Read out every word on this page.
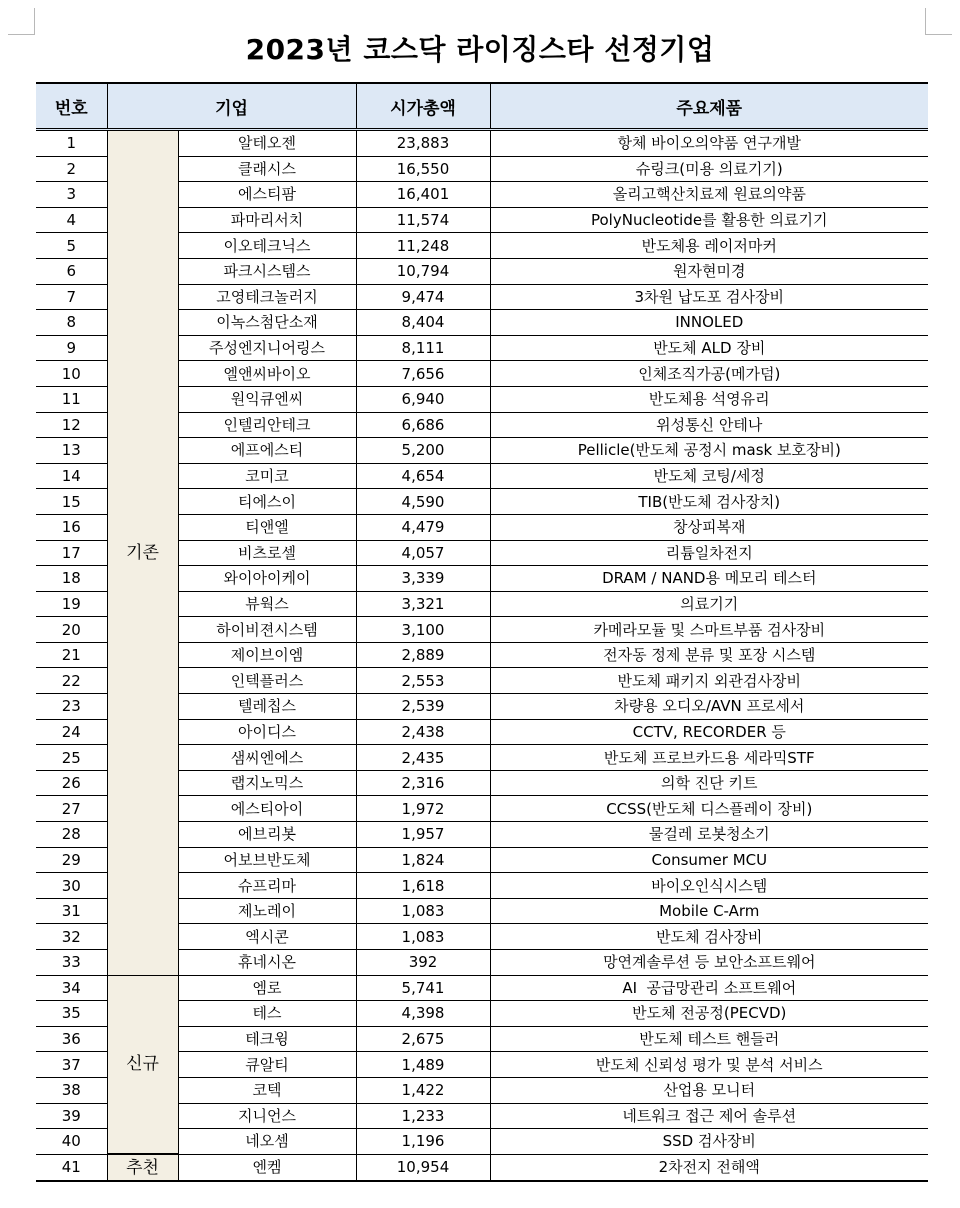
2023년 코스닥 라이징스타 선정기업
번호	기업		시가총액	주요제품
1	기존	알테오젠	23,883	항체 바이오의약품 연구개발
2		클래시스	16,550	슈링크(미용 의료기기)
3		에스티팜	16,401	올리고핵산치료제 원료의약품
4		파마리서치	11,574	PolyNucleotide를 활용한 의료기기
5		이오테크닉스	11,248	반도체용 레이저마커
6		파크시스템스	10,794	원자현미경
7		고영테크놀러지	9,474	3차원 납도포 검사장비
8		이녹스첨단소재	8,404	INNOLED
9		주성엔지니어링스	8,111	반도체 ALD 장비
10		엘앤씨바이오	7,656	인체조직가공(메가덤)
11		원익큐엔씨	6,940	반도체용 석영유리
12		인텔리안테크	6,686	위성통신 안테나
13		에프에스티	5,200	Pellicle(반도체 공정시 mask 보호장비)
14		코미코	4,654	반도체 코팅/세정
15		티에스이	4,590	TIB(반도체 검사장치)
16		티앤엘	4,479	창상피복재
17		비츠로셀	4,057	리튬일차전지
18		와이아이케이	3,339	DRAM / NAND용 메모리 테스터
19		뷰웍스	3,321	의료기기
20		하이비젼시스템	3,100	카메라모듈 및 스마트부품 검사장비
21		제이브이엠	2,889	전자동 정제 분류 및 포장 시스템
22		인텍플러스	2,553	반도체 패키지 외관검사장비
23		텔레칩스	2,539	차량용 오디오/AVN 프로세서
24		아이디스	2,438	CCTV, RECORDER 등
25		샘씨엔에스	2,435	반도체 프로브카드용 세라믹STF
26		랩지노믹스	2,316	의학 진단 키트
27		에스티아이	1,972	CCSS(반도체 디스플레이 장비)
28		에브리봇	1,957	물걸레 로봇청소기
29		어보브반도체	1,824	Consumer MCU
30		슈프리마	1,618	바이오인식시스템
31		제노레이	1,083	Mobile C-Arm
32		엑시콘	1,083	반도체 검사장비
33		휴네시온	392	망연계솔루션 등 보안소프트웨어
34	신규	엠로	5,741	AI  공급망관리 소프트웨어
35		테스	4,398	반도체 전공정(PECVD)
36		테크윙	2,675	반도체 테스트 핸들러
37		큐알티	1,489	반도체 신뢰성 평가 및 분석 서비스
38		코텍	1,422	산업용 모니터
39		지니언스	1,233	네트워크 접근 제어 솔루션
40		네오셈	1,196	SSD 검사장비
41	추천	엔켐	10,954	2차전지 전해액
